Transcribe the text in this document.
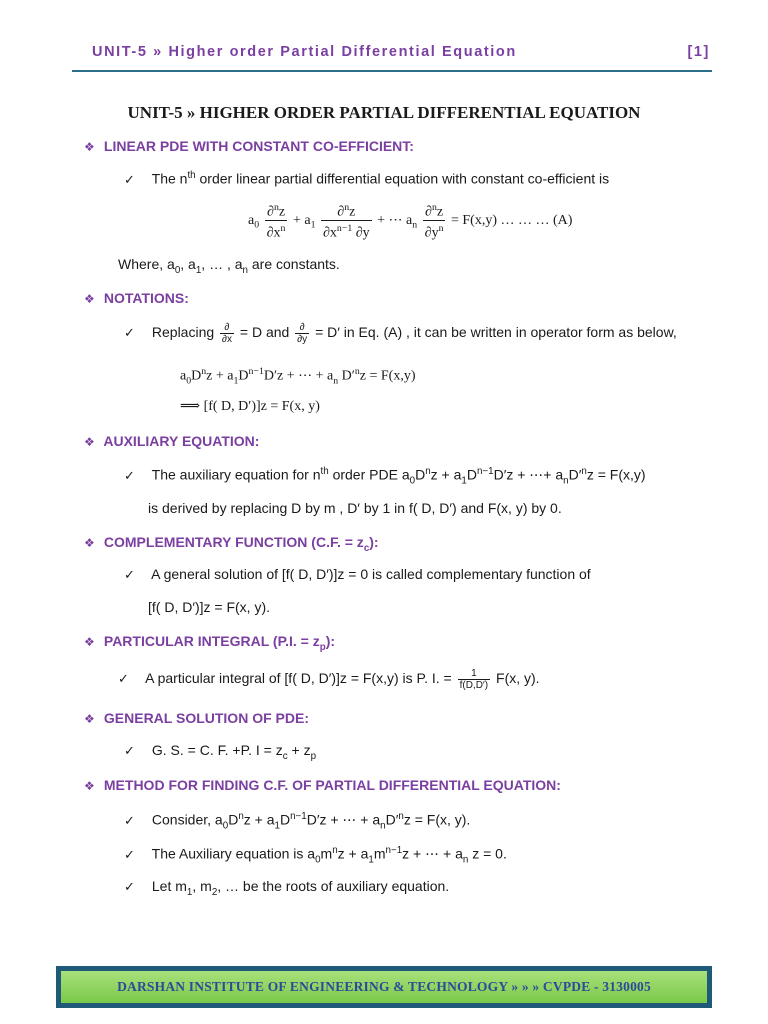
UNIT-5 » Higher order Partial Differential Equation	[1]
UNIT-5 » HIGHER ORDER PARTIAL DIFFERENTIAL EQUATION
❖ LINEAR PDE WITH CONSTANT CO-EFFICIENT:
✓ The $n^{th}$ order linear partial differential equation with constant co-efficient is
$a_0 \frac{\partial^nz}{\partial x^n} + a_1 \frac{\partial^nz}{\partial x^{n-1} \partial y}$ + ⋯ $a_n \frac{\partial^nz}{\partial y^n} = F(x,y)$ … … … (A)
Where, $a_0$, $a_1$, … , $a_n$ are constants.
❖ NOTATIONS:
✓ Replacing $\frac{\partial}{\partial x} = D$ and $\frac{\partial}{\partial y} = D'$ in Eq. (A) , it can be written in operator form as below,
$a_0D^nz + a_1D^{n-1}D'z$ + ⋯ + $a_n$ $D'^nz = F(x,y)$
⟹ [f( D, D′)]z = F(x, y)
❖ AUXILIARY EQUATION:
✓ The auxiliary equation for $n^{th}$ order PDE $a_0D^nz + a_1D^{n-1}D'z$ + ⋯+ $a_nD'^nz = F(x,y)$
is derived by replacing D by m , D′ by 1 in f( D, D′) and F(x, y) by 0.
❖ COMPLEMENTARY FUNCTION (C.F. = $z_c$):
✓ A general solution of [f( D, D′)]z = 0 is called complementary function of
[f( D, D′)]z = F(x, y).
❖ PARTICULAR INTEGRAL (P.I. = $z_p$):
✓ A particular integral of [f( D, D′)]z = F(x,y) is P. I. = $\frac{1}{f(D,D')} F(x$, y).
❖ GENERAL SOLUTION OF PDE:
✓ G. S. = C. F. +P. $I = z_c + z_p$
❖ METHOD FOR FINDING C.F. OF PARTIAL DIFFERENTIAL EQUATION:
✓ Consider, $a_0D^nz + a_1D^{n-1}D'z$ + ⋯ + $a_nD'^nz = F(x$, y).
✓ The Auxiliary equation is $a_0m^nz + a_1m^{n-1}z$ + ⋯ + $a_n$ z = 0.
✓ Let $m_1$, $m_2$, … be the roots of auxiliary equation.
DARSHAN INSTITUTE OF ENGINEERING & TECHNOLOGY » » » CVPDE - 3130005
